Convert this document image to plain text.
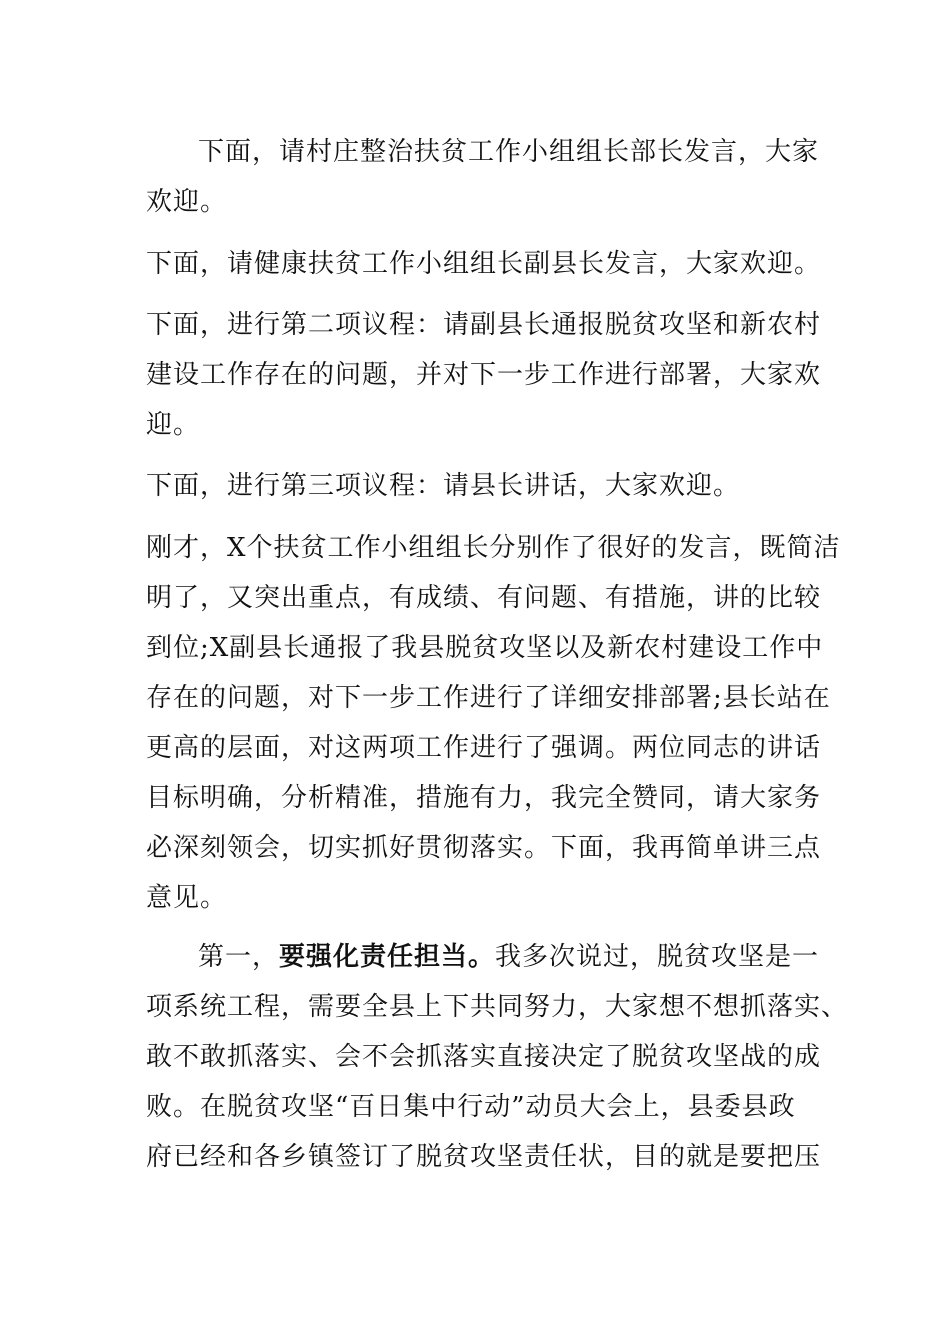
下面，请村庄整治扶贫工作小组组长部长发言，大家
欢迎。
下面，请健康扶贫工作小组组长副县长发言，大家欢迎。
下面，进行第二项议程：请副县长通报脱贫攻坚和新农村
建设工作存在的问题，并对下一步工作进行部署，大家欢
迎。
下面，进行第三项议程：请县长讲话，大家欢迎。
刚才，X个扶贫工作小组组长分别作了很好的发言，既简洁
明了，又突出重点，有成绩、有问题、有措施，讲的比较
到位;X副县长通报了我县脱贫攻坚以及新农村建设工作中
存在的问题，对下一步工作进行了详细安排部署;县长站在
更高的层面，对这两项工作进行了强调。两位同志的讲话
目标明确，分析精准，措施有力，我完全赞同，请大家务
必深刻领会，切实抓好贯彻落实。下面，我再简单讲三点
意见。
第一，要强化责任担当。我多次说过，脱贫攻坚是一
项系统工程，需要全县上下共同努力，大家想不想抓落实、
敢不敢抓落实、会不会抓落实直接决定了脱贫攻坚战的成
败。在脱贫攻坚“百日集中行动”动员大会上，县委县政
府已经和各乡镇签订了脱贫攻坚责任状，目的就是要把压
